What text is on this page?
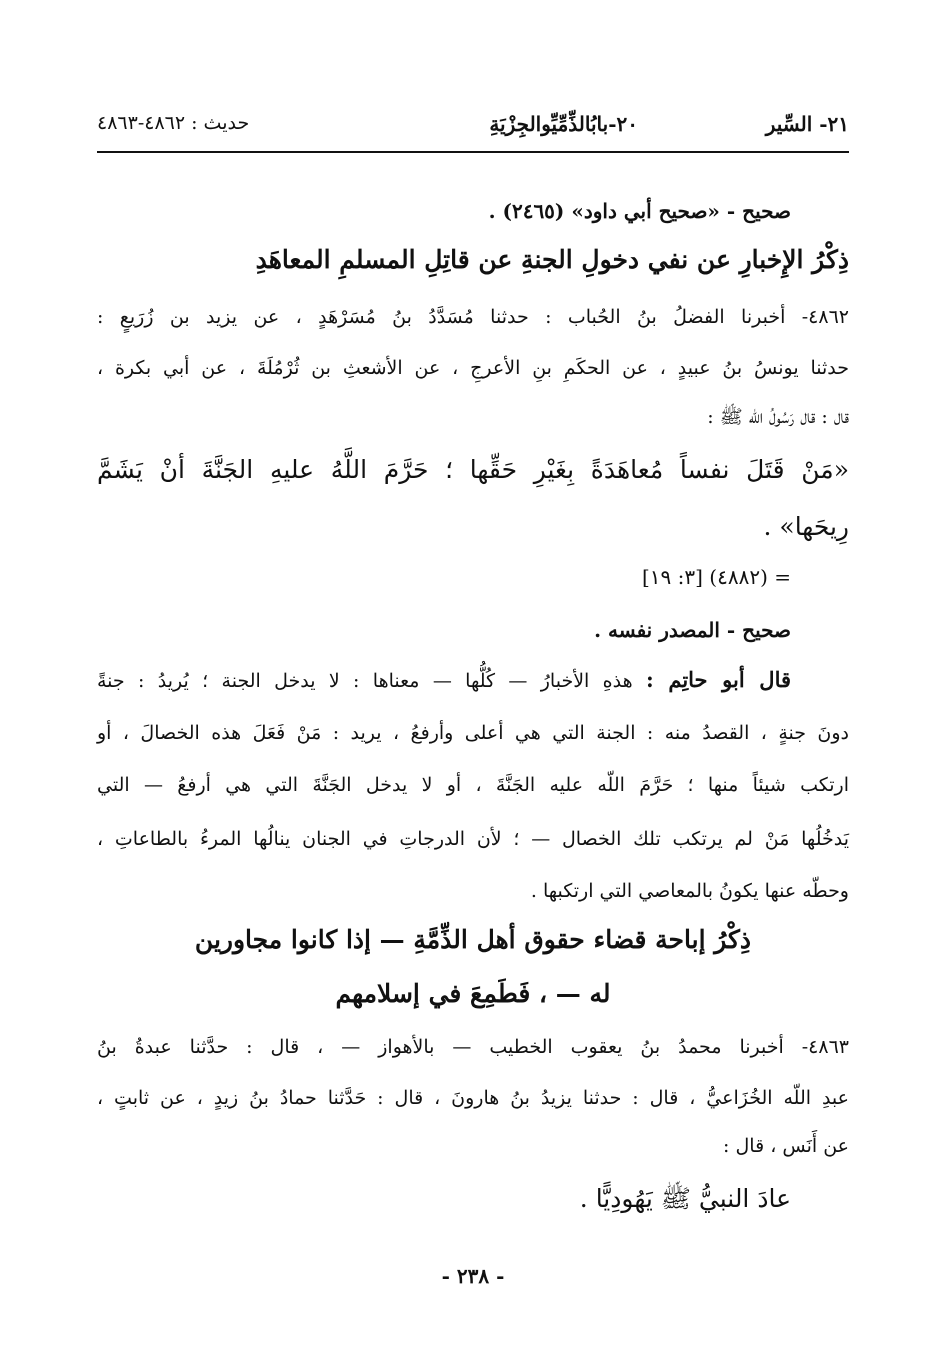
٢١- السِّير
٢٠-بابُالذِّمِّيِّوالجِزْيَةِ
حديث : ٤٨٦٢-٤٨٦٣
صحيح - «صحيح أبي داود» (٢٤٦٥) .
ذِكْرُ الإِخبارِ عن نفي دخولِ الجنةِ عن قاتِلِ المسلمِ المعاهَدِ
٤٨٦٢- أخبرنا الفضلُ بنُ الحُباب : حدثنا مُسَدَّدُ بنُ مُسَرْهَدٍ ، عن يزيد بن زُرَيعٍ :
حدثنا يونسُ بنُ عبيدٍ ، عن الحكَمِ بنِ الأعرجِ ، عن الأشعثِ بن ثُرْمُلَةَ ، عن أبي بكرة ،
قال : قال رَسُولُ اللّه ﷺ :
«مَنْ قَتَلَ نفساً مُعاهَدَةً بِغَيْرِ حَقِّها ؛ حَرَّمَ اللَّهُ عليهِ الجَنَّةَ أنْ يَشَمَّ
رِيحَها» .
= (٤٨٨٢) [٣: ١٩]
صحيح - المصدر نفسه .
قال أبو حاتِم : هذهِ الأخبارُ — كُلُّها — معناها : لا يدخل الجنة ؛ يُريدُ : جنةً
دونَ جنةٍ ، القصدُ منه : الجنة التي هي أعلى وأرفعُ ، يريد : مَنْ فَعَلَ هذه الخصالَ ، أو
ارتكب شيئاً منها ؛ حَرَّمَ اللّه عليه الجَنَّةَ ، أو لا يدخل الجَنَّةَ التي هي أرفعُ — التي
يَدخُلُها مَنْ لم يرتكب تلك الخصال — ؛ لأن الدرجاتِ في الجنان ينالُها المرءُ بالطاعاتِ ،
وحطّه عنها يكونُ بالمعاصي التي ارتكبها .
ذِكْرُ إباحة قضاء حقوق أهل الذِّمَّةِ — إذا كانوا مجاورين
له — ، فَطَمِعَ في إسلامهم
٤٨٦٣- أخبرنا محمدُ بنُ يعقوب الخطيب — بالأهواز — ، قال : حدَّثنا عبدةُ بنُ
عبدِ اللّه الخُزَاعيُّ ، قال : حدثنا يزيدُ بنُ هارونَ ، قال : حَدَّثنا حمادُ بنُ زيدٍ ، عن ثابتٍ ،
عن أَنَس ، قال :
عادَ النبيُّ ﷺ يَهُودِيًّا .
- ٢٣٨ -
